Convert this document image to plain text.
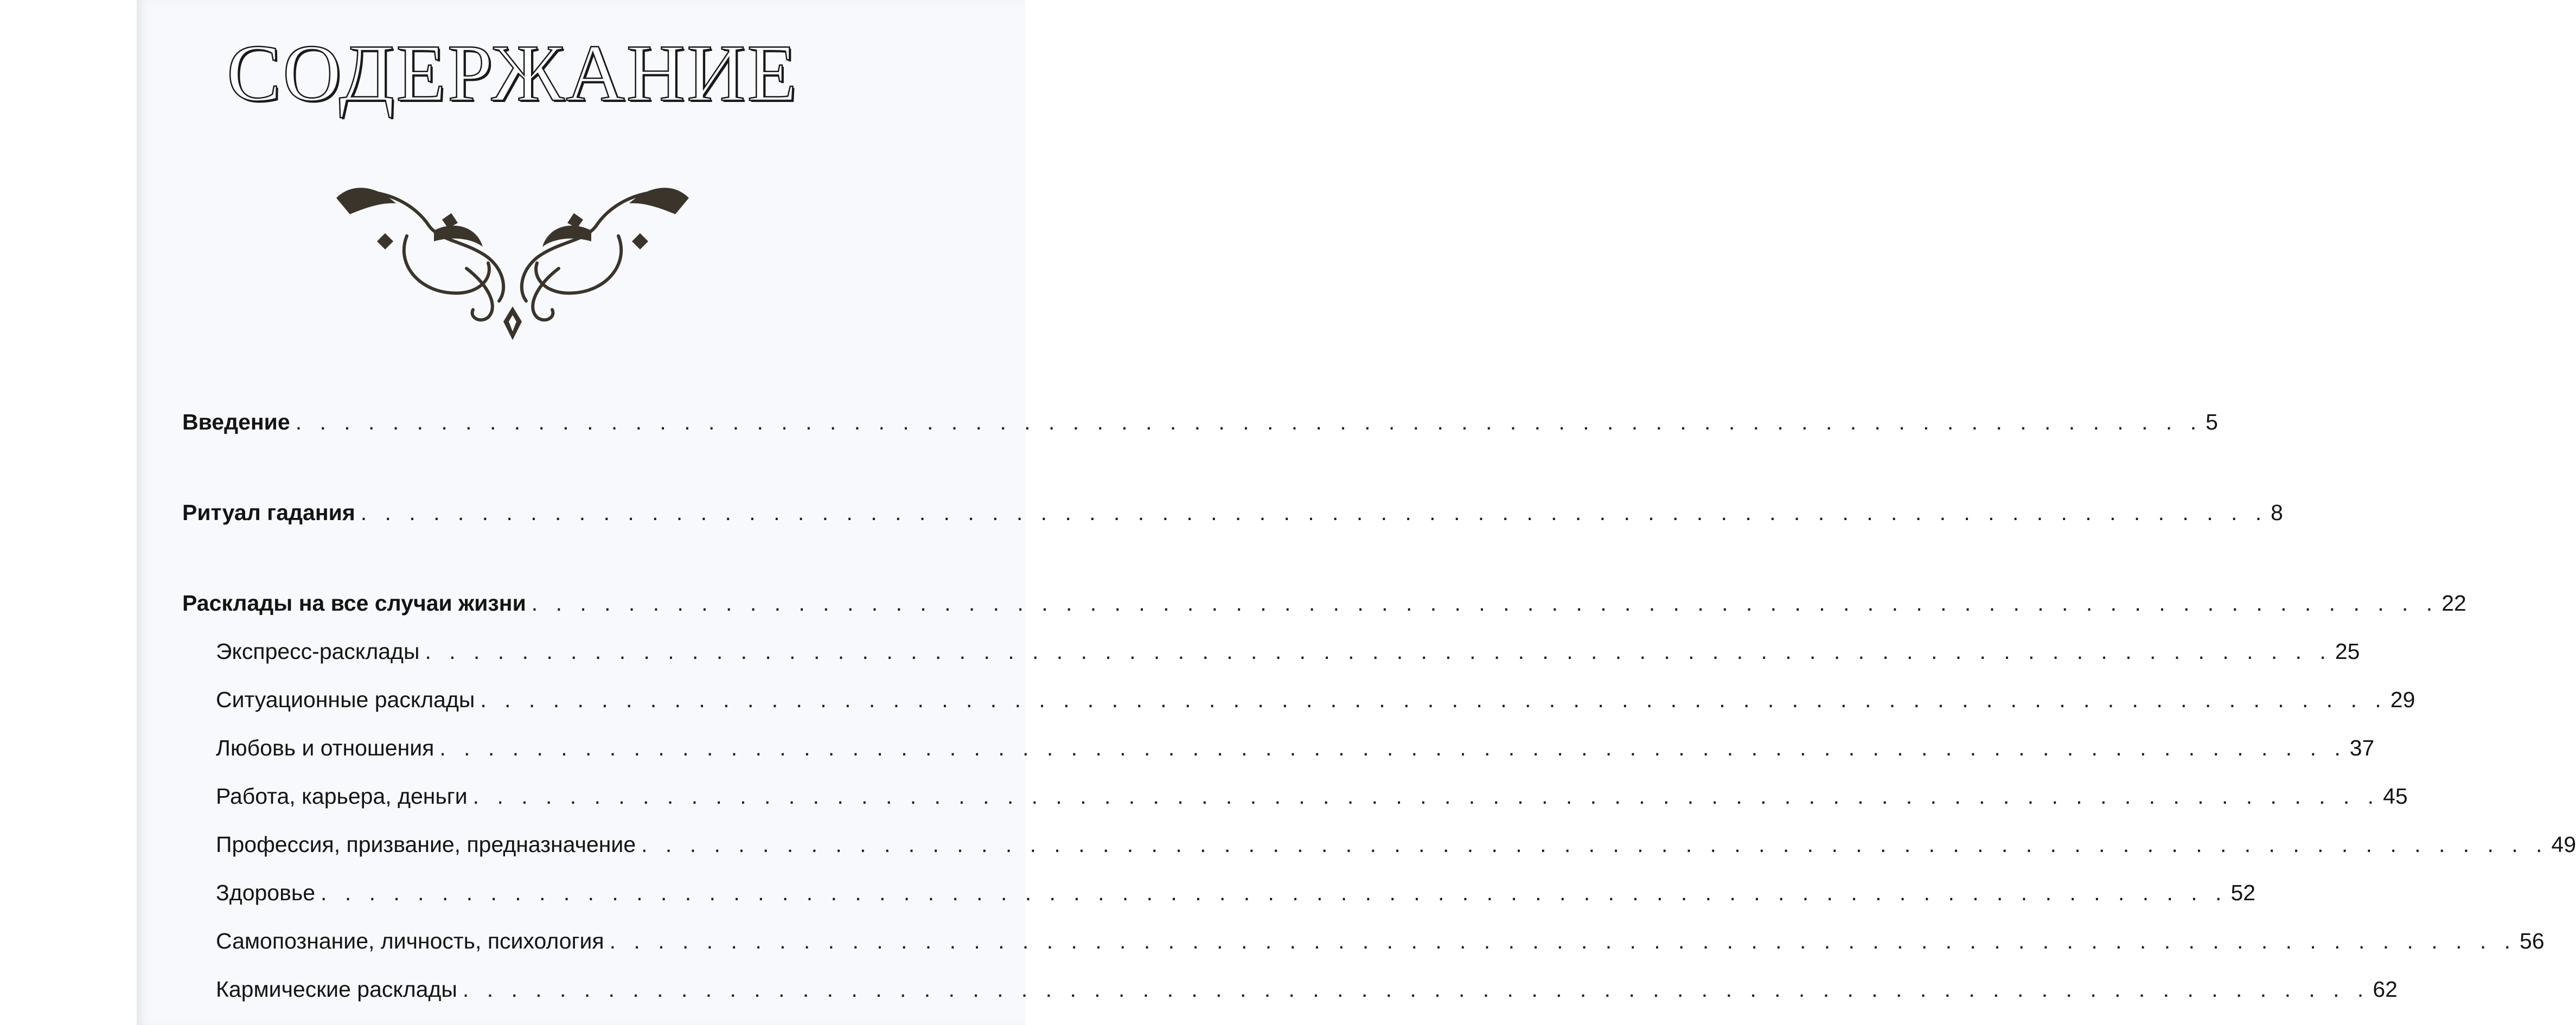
СОДЕРЖАНИЕ
Введение . . . . . . . . . . . . . . . . . . . . . . . . . . . . . . . . . . . . . . . . . . . . . . . . . . . . . . . . . . . . . . . . . . . . . . . . . . . . . . . 5
Ритуал гадания . . . . . . . . . . . . . . . . . . . . . . . . . . . . . . . . . . . . . . . . . . . . . . . . . . . . . . . . . . . . . . . . . . . . . . . . . . . . . . . 8
Расклады на все случаи жизни . . . . . . . . . . . . . . . . . . . . . . . . . . . . . . . . . . . . . . . . . . . . . . . . . . . . . . . . . . . . . . . . . . . . . . . . . . . . . . . 22
Экспресс-расклады . . . . . . . . . . . . . . . . . . . . . . . . . . . . . . . . . . . . . . . . . . . . . . . . . . . . . . . . . . . . . . . . . . . . . . . . . . . . . . . 25
Ситуационные расклады . . . . . . . . . . . . . . . . . . . . . . . . . . . . . . . . . . . . . . . . . . . . . . . . . . . . . . . . . . . . . . . . . . . . . . . . . . . . . . . 29
Любовь и отношения . . . . . . . . . . . . . . . . . . . . . . . . . . . . . . . . . . . . . . . . . . . . . . . . . . . . . . . . . . . . . . . . . . . . . . . . . . . . . . . 37
Работа, карьера, деньги . . . . . . . . . . . . . . . . . . . . . . . . . . . . . . . . . . . . . . . . . . . . . . . . . . . . . . . . . . . . . . . . . . . . . . . . . . . . . . . 45
Профессия, призвание, предназначение . . . . . . . . . . . . . . . . . . . . . . . . . . . . . . . . . . . . . . . . . . . . . . . . . . . . . . . . . . . . . . . . . . . . . . . . . . . . . . . 49
Здоровье . . . . . . . . . . . . . . . . . . . . . . . . . . . . . . . . . . . . . . . . . . . . . . . . . . . . . . . . . . . . . . . . . . . . . . . . . . . . . . . 52
Самопознание, личность, психология . . . . . . . . . . . . . . . . . . . . . . . . . . . . . . . . . . . . . . . . . . . . . . . . . . . . . . . . . . . . . . . . . . . . . . . . . . . . . . . 56
Кармические расклады . . . . . . . . . . . . . . . . . . . . . . . . . . . . . . . . . . . . . . . . . . . . . . . . . . . . . . . . . . . . . . . . . . . . . . . . . . . . . . . 62
